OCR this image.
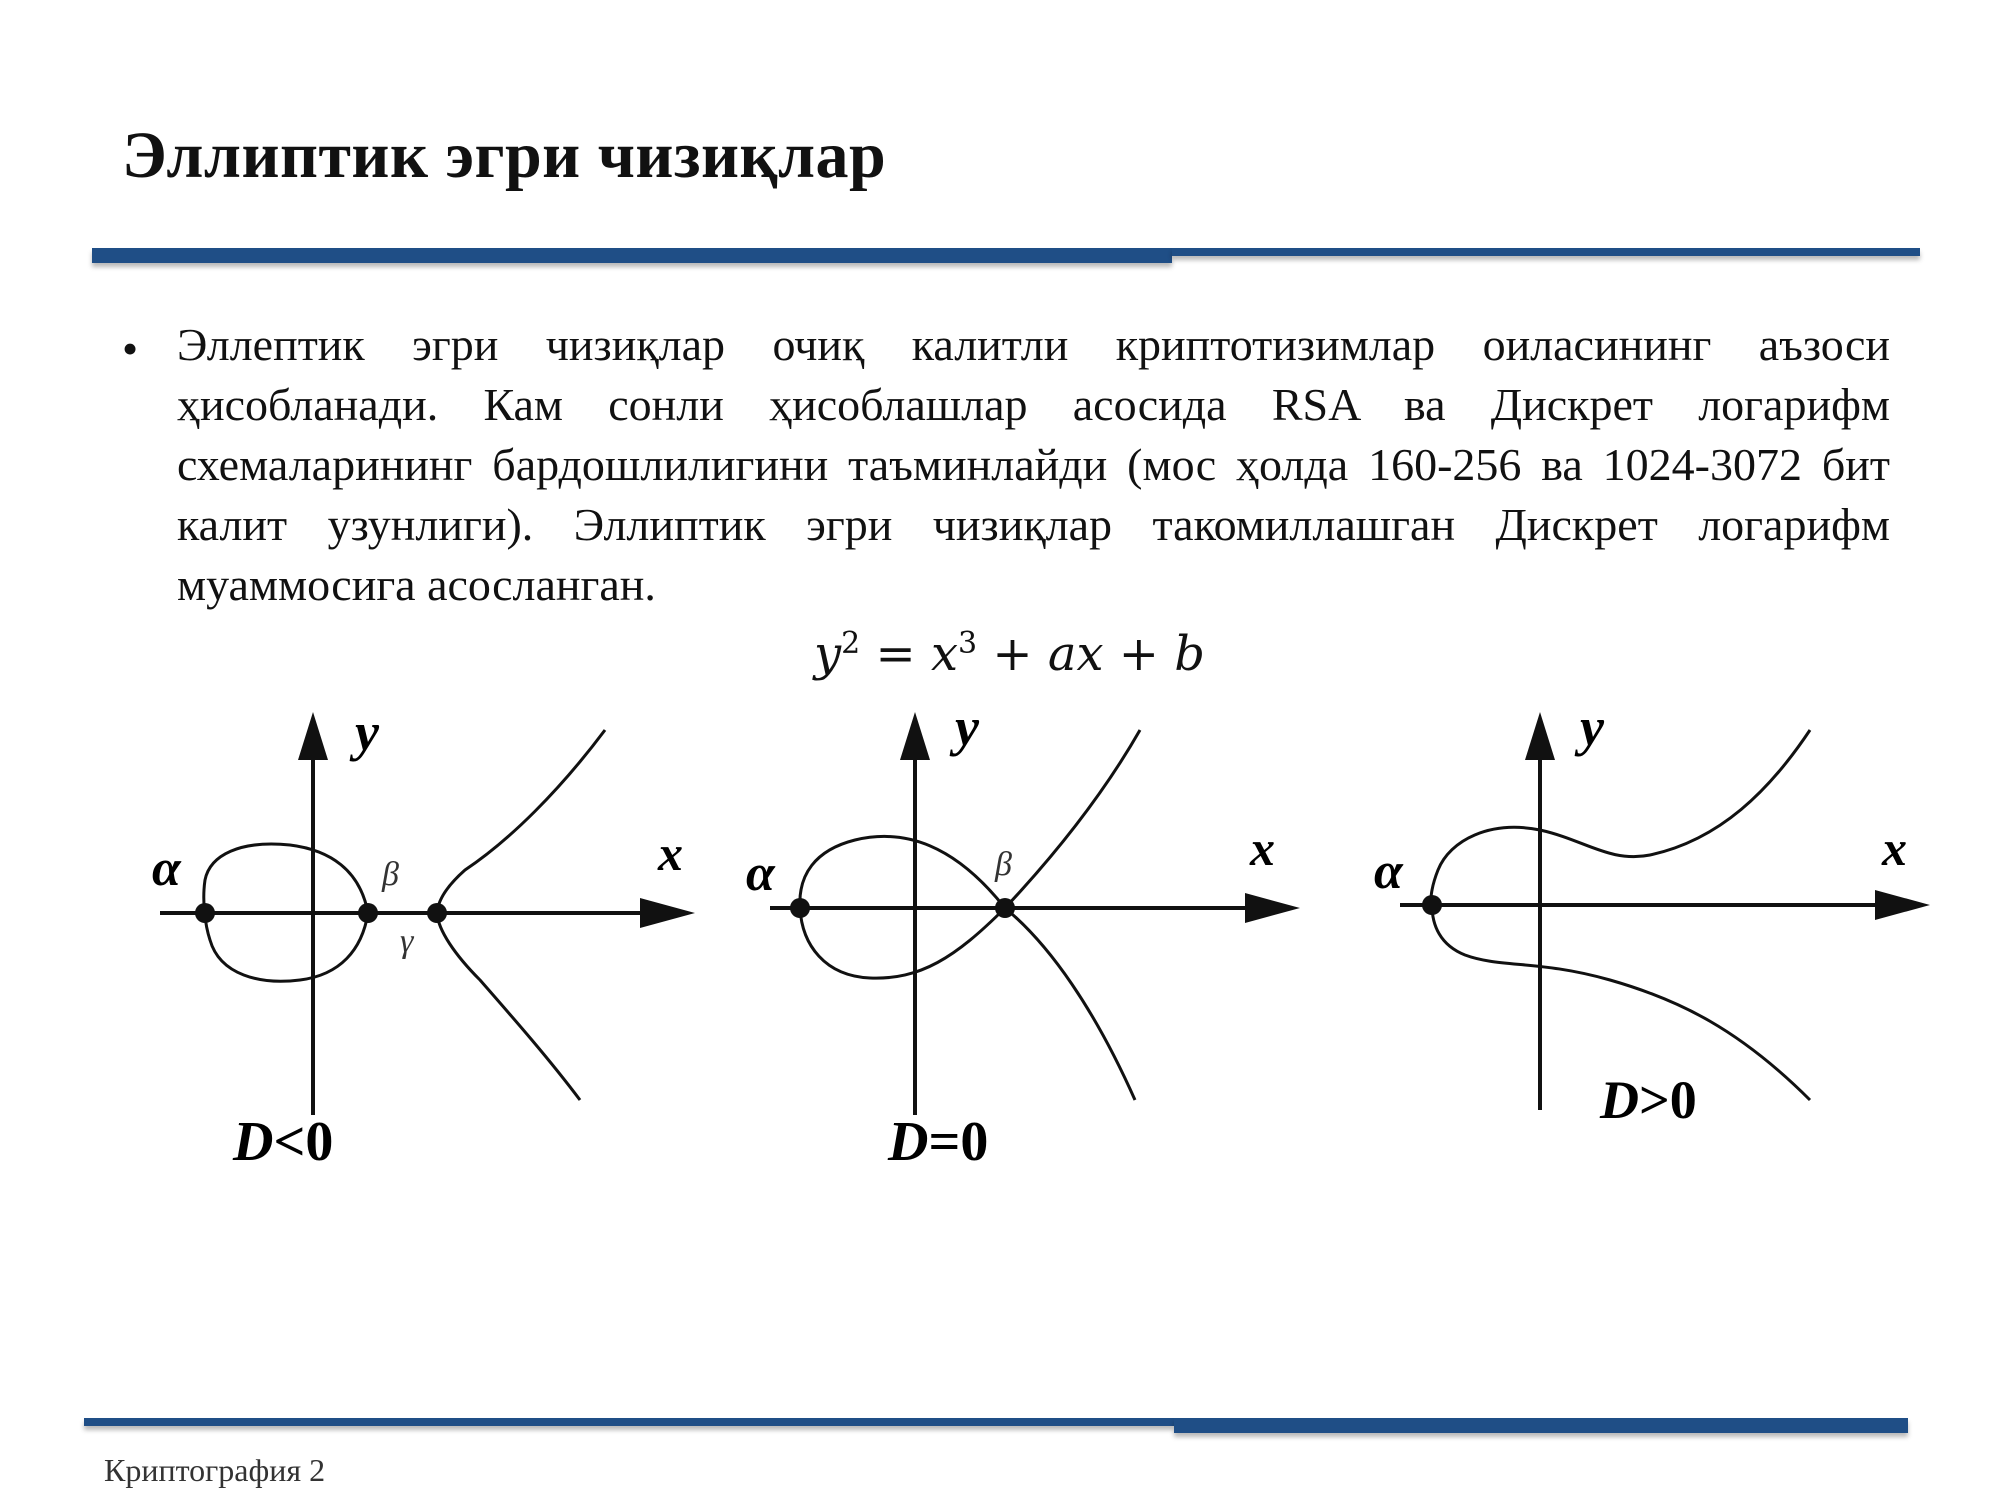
Эллиптик эгри чизиқлар
• Эллептик эгри чизиқлар очиқ калитли криптотизимлар оиласининг аъзоси ҳисобланади. Кам сонли ҳисоблашлар асосида RSA ва Дискрет логарифм схемаларининг бардошлилигини таъминлайди (мос ҳолда 160-256 ва 1024-3072 бит калит узунлиги). Эллиптик эгри чизиқлар такомиллашган Дискрет логарифм муаммосига асосланган.

$y^2 = x^3$ + ax + b
y
x
α	β
γ
D<0
y
x
α	β
D=0
y
x
α
D>0
Криптография 2
